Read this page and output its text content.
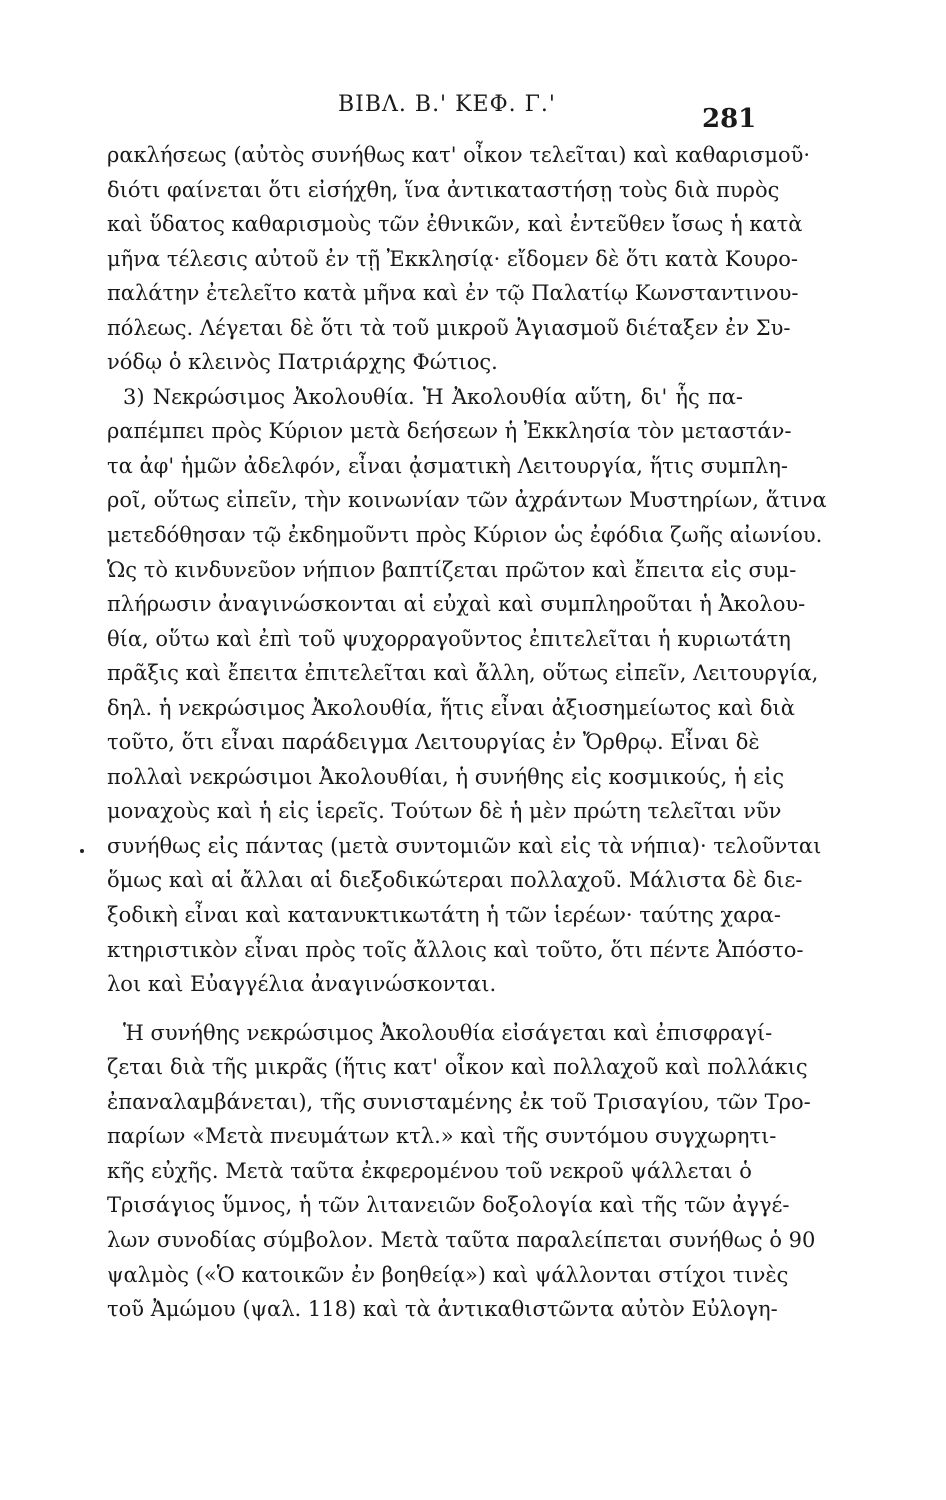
ΒΙΒΛ. Β.' ΚΕΦ. Γ.'	281
ρακλήσεως (αὐτὸς συνήθως κατ' οἶκον τελεῖται) καὶ καθαρισμοῦ·
διότι φαίνεται ὅτι εἰσήχθη, ἵνα ἀντικαταστήσῃ τοὺς διὰ πυρὸς
καὶ ὕδατος καθαρισμοὺς τῶν ἐθνικῶν, καὶ ἐντεῦθεν ἴσως ἡ κατὰ
μῆνα τέλεσις αὐτοῦ ἐν τῇ Ἐκκλησίᾳ· εἴδομεν δὲ ὅτι κατὰ Κουρο-
παλάτην ἐτελεῖτο κατὰ μῆνα καὶ ἐν τῷ Παλατίῳ Κωνσταντινου-
πόλεως. Λέγεται δὲ ὅτι τὰ τοῦ μικροῦ Ἁγιασμοῦ διέταξεν ἐν Συ-
νόδῳ ὁ κλεινὸς Πατριάρχης Φώτιος.
3) Νεκρώσιμος Ἀκολουθία. Ἡ Ἀκολουθία αὕτη, δι' ἧς πα-
ραπέμπει πρὸς Κύριον μετὰ δεήσεων ἡ Ἐκκλησία τὸν μεταστάν-
τα ἀφ' ἡμῶν ἀδελφόν, εἶναι ᾀσματικὴ Λειτουργία, ἥτις συμπλη-
ροῖ, οὕτως εἰπεῖν, τὴν κοινωνίαν τῶν ἀχράντων Μυστηρίων, ἅτινα
μετεδόθησαν τῷ ἐκδημοῦντι πρὸς Κύριον ὡς ἐφόδια ζωῆς αἰωνίου.
Ὡς τὸ κινδυνεῦον νήπιον βαπτίζεται πρῶτον καὶ ἔπειτα εἰς συμ-
πλήρωσιν ἀναγινώσκονται αἱ εὐχαὶ καὶ συμπληροῦται ἡ Ἀκολου-
θία, οὕτω καὶ ἐπὶ τοῦ ψυχορραγοῦντος ἐπιτελεῖται ἡ κυριωτάτη
πρᾶξις καὶ ἔπειτα ἐπιτελεῖται καὶ ἄλλη, οὕτως εἰπεῖν, Λειτουργία,
δηλ. ἡ νεκρώσιμος Ἀκολουθία, ἥτις εἶναι ἀξιοσημείωτος καὶ διὰ
τοῦτο, ὅτι εἶναι παράδειγμα Λειτουργίας ἐν Ὄρθρῳ. Εἶναι δὲ
πολλαὶ νεκρώσιμοι Ἀκολουθίαι, ἡ συνήθης εἰς κοσμικούς, ἡ εἰς
μοναχοὺς καὶ ἡ εἰς ἱερεῖς. Τούτων δὲ ἡ μὲν πρώτη τελεῖται νῦν
συνήθως εἰς πάντας (μετὰ συντομιῶν καὶ εἰς τὰ νήπια)· τελοῦνται
ὅμως καὶ αἱ ἄλλαι αἱ διεξοδικώτεραι πολλαχοῦ. Μάλιστα δὲ διε-
ξοδικὴ εἶναι καὶ κατανυκτικωτάτη ἡ τῶν ἱερέων· ταύτης χαρα-
κτηριστικὸν εἶναι πρὸς τοῖς ἄλλοις καὶ τοῦτο, ὅτι πέντε Ἀπόστο-
λοι καὶ Εὐαγγέλια ἀναγινώσκονται.
Ἡ συνήθης νεκρώσιμος Ἀκολουθία εἰσάγεται καὶ ἐπισφραγί-
ζεται διὰ τῆς μικρᾶς (ἥτις κατ' οἶκον καὶ πολλαχοῦ καὶ πολλάκις
ἐπαναλαμβάνεται), τῆς συνισταμένης ἐκ τοῦ Τρισαγίου, τῶν Τρο-
παρίων «Μετὰ πνευμάτων κτλ.» καὶ τῆς συντόμου συγχωρητι-
κῆς εὐχῆς. Μετὰ ταῦτα ἐκφερομένου τοῦ νεκροῦ ψάλλεται ὁ
Τρισάγιος ὕμνος, ἡ τῶν λιτανειῶν δοξολογία καὶ τῆς τῶν ἀγγέ-
λων συνοδίας σύμβολον. Μετὰ ταῦτα παραλείπεται συνήθως ὁ 90
ψαλμὸς («Ὁ κατοικῶν ἐν βοηθείᾳ») καὶ ψάλλονται στίχοι τινὲς
τοῦ Ἀμώμου (ψαλ. 118) καὶ τὰ ἀντικαθιστῶντα αὐτὸν Εὐλογη-
